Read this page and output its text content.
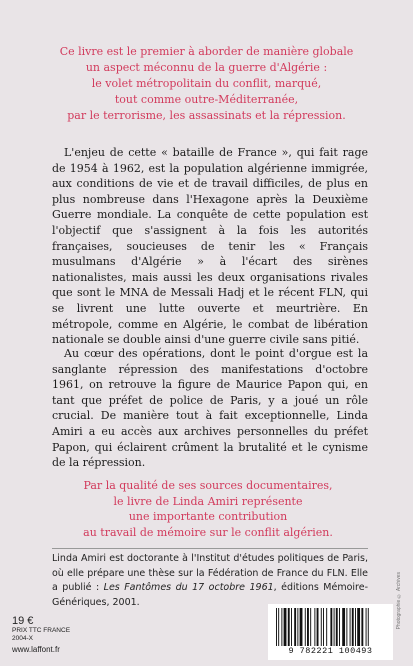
Ce livre est le premier à aborder de manière globale
un aspect méconnu de la guerre d'Algérie :
le volet métropolitain du conflit, marqué,
tout comme outre-Méditerranée,
par le terrorisme, les assassinats et la répression.
L'enjeu de cette « bataille de France », qui fait rage de 1954 à 1962, est la population algérienne immigrée, aux conditions de vie et de travail difficiles, de plus en plus nombreuse dans l'Hexagone après la Deuxième Guerre mondiale. La conquête de cette population est l'objectif que s'assignent à la fois les autorités françaises, soucieuses de tenir les « Français musulmans d'Algérie » à l'écart des sirènes nationalistes, mais aussi les deux organisations rivales que sont le MNA de Messali Hadj et le récent FLN, qui se livrent une lutte ouverte et meurtrière. En métropole, comme en Algérie, le combat de libération nationale se double ainsi d'une guerre civile sans pitié.
Au cœur des opérations, dont le point d'orgue est la sanglante répression des manifestations d'octobre 1961, on retrouve la figure de Maurice Papon qui, en tant que préfet de police de Paris, y a joué un rôle crucial. De manière tout à fait exceptionnelle, Linda Amiri a eu accès aux archives personnelles du préfet Papon, qui éclairent crûment la brutalité et le cynisme de la répression.
Par la qualité de ses sources documentaires,
le livre de Linda Amiri représente
une importante contribution
au travail de mémoire sur le conflit algérien.
Linda Amiri est doctorante à l'Institut d'études politiques de Paris, où elle prépare une thèse sur la Fédération de France du FLN. Elle a publié : Les Fantômes du 17 octobre 1961, éditions Mémoire-Génériques, 2001.
19 €
PRIX TTC FRANCE
2004-X
www.laffont.fr	9 782221 100493
Photographie © Archives
